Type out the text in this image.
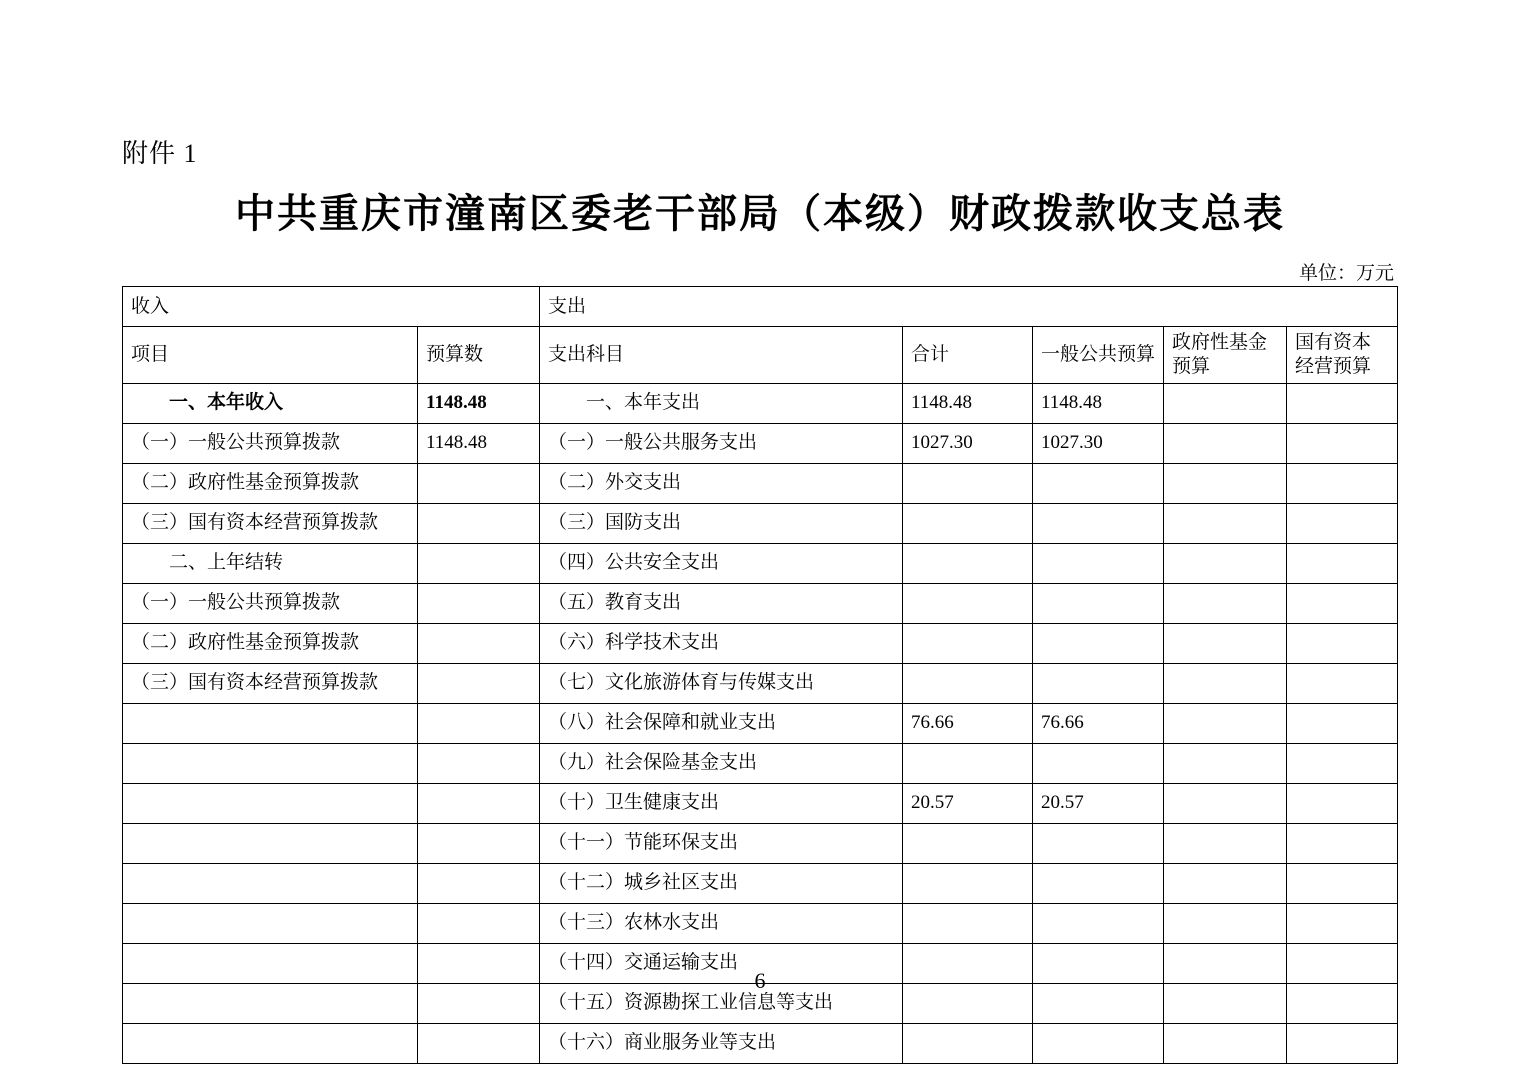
附件 1
中共重庆市潼南区委老干部局（本级）财政拨款收支总表
单位：万元
收入		支出				
项目	预算数	支出科目	合计	一般公共预算	政府性基金预算	国有资本经营预算
一、本年收入	1148.48	一、本年支出	1148.48	1148.48		
（一）一般公共预算拨款	1148.48	（一）一般公共服务支出	1027.30	1027.30		
（二）政府性基金预算拨款		（二）外交支出				
（三）国有资本经营预算拨款		（三）国防支出				
二、上年结转		（四）公共安全支出				
（一）一般公共预算拨款		（五）教育支出				
（二）政府性基金预算拨款		（六）科学技术支出				
（三）国有资本经营预算拨款		（七）文化旅游体育与传媒支出				
		（八）社会保障和就业支出	76.66	76.66		
		（九）社会保险基金支出				
		（十）卫生健康支出	20.57	20.57		
		（十一）节能环保支出				
		（十二）城乡社区支出				
		（十三）农林水支出				
		（十四）交通运输支出				
		（十五）资源勘探工业信息等支出				
		（十六）商业服务业等支出				
6
